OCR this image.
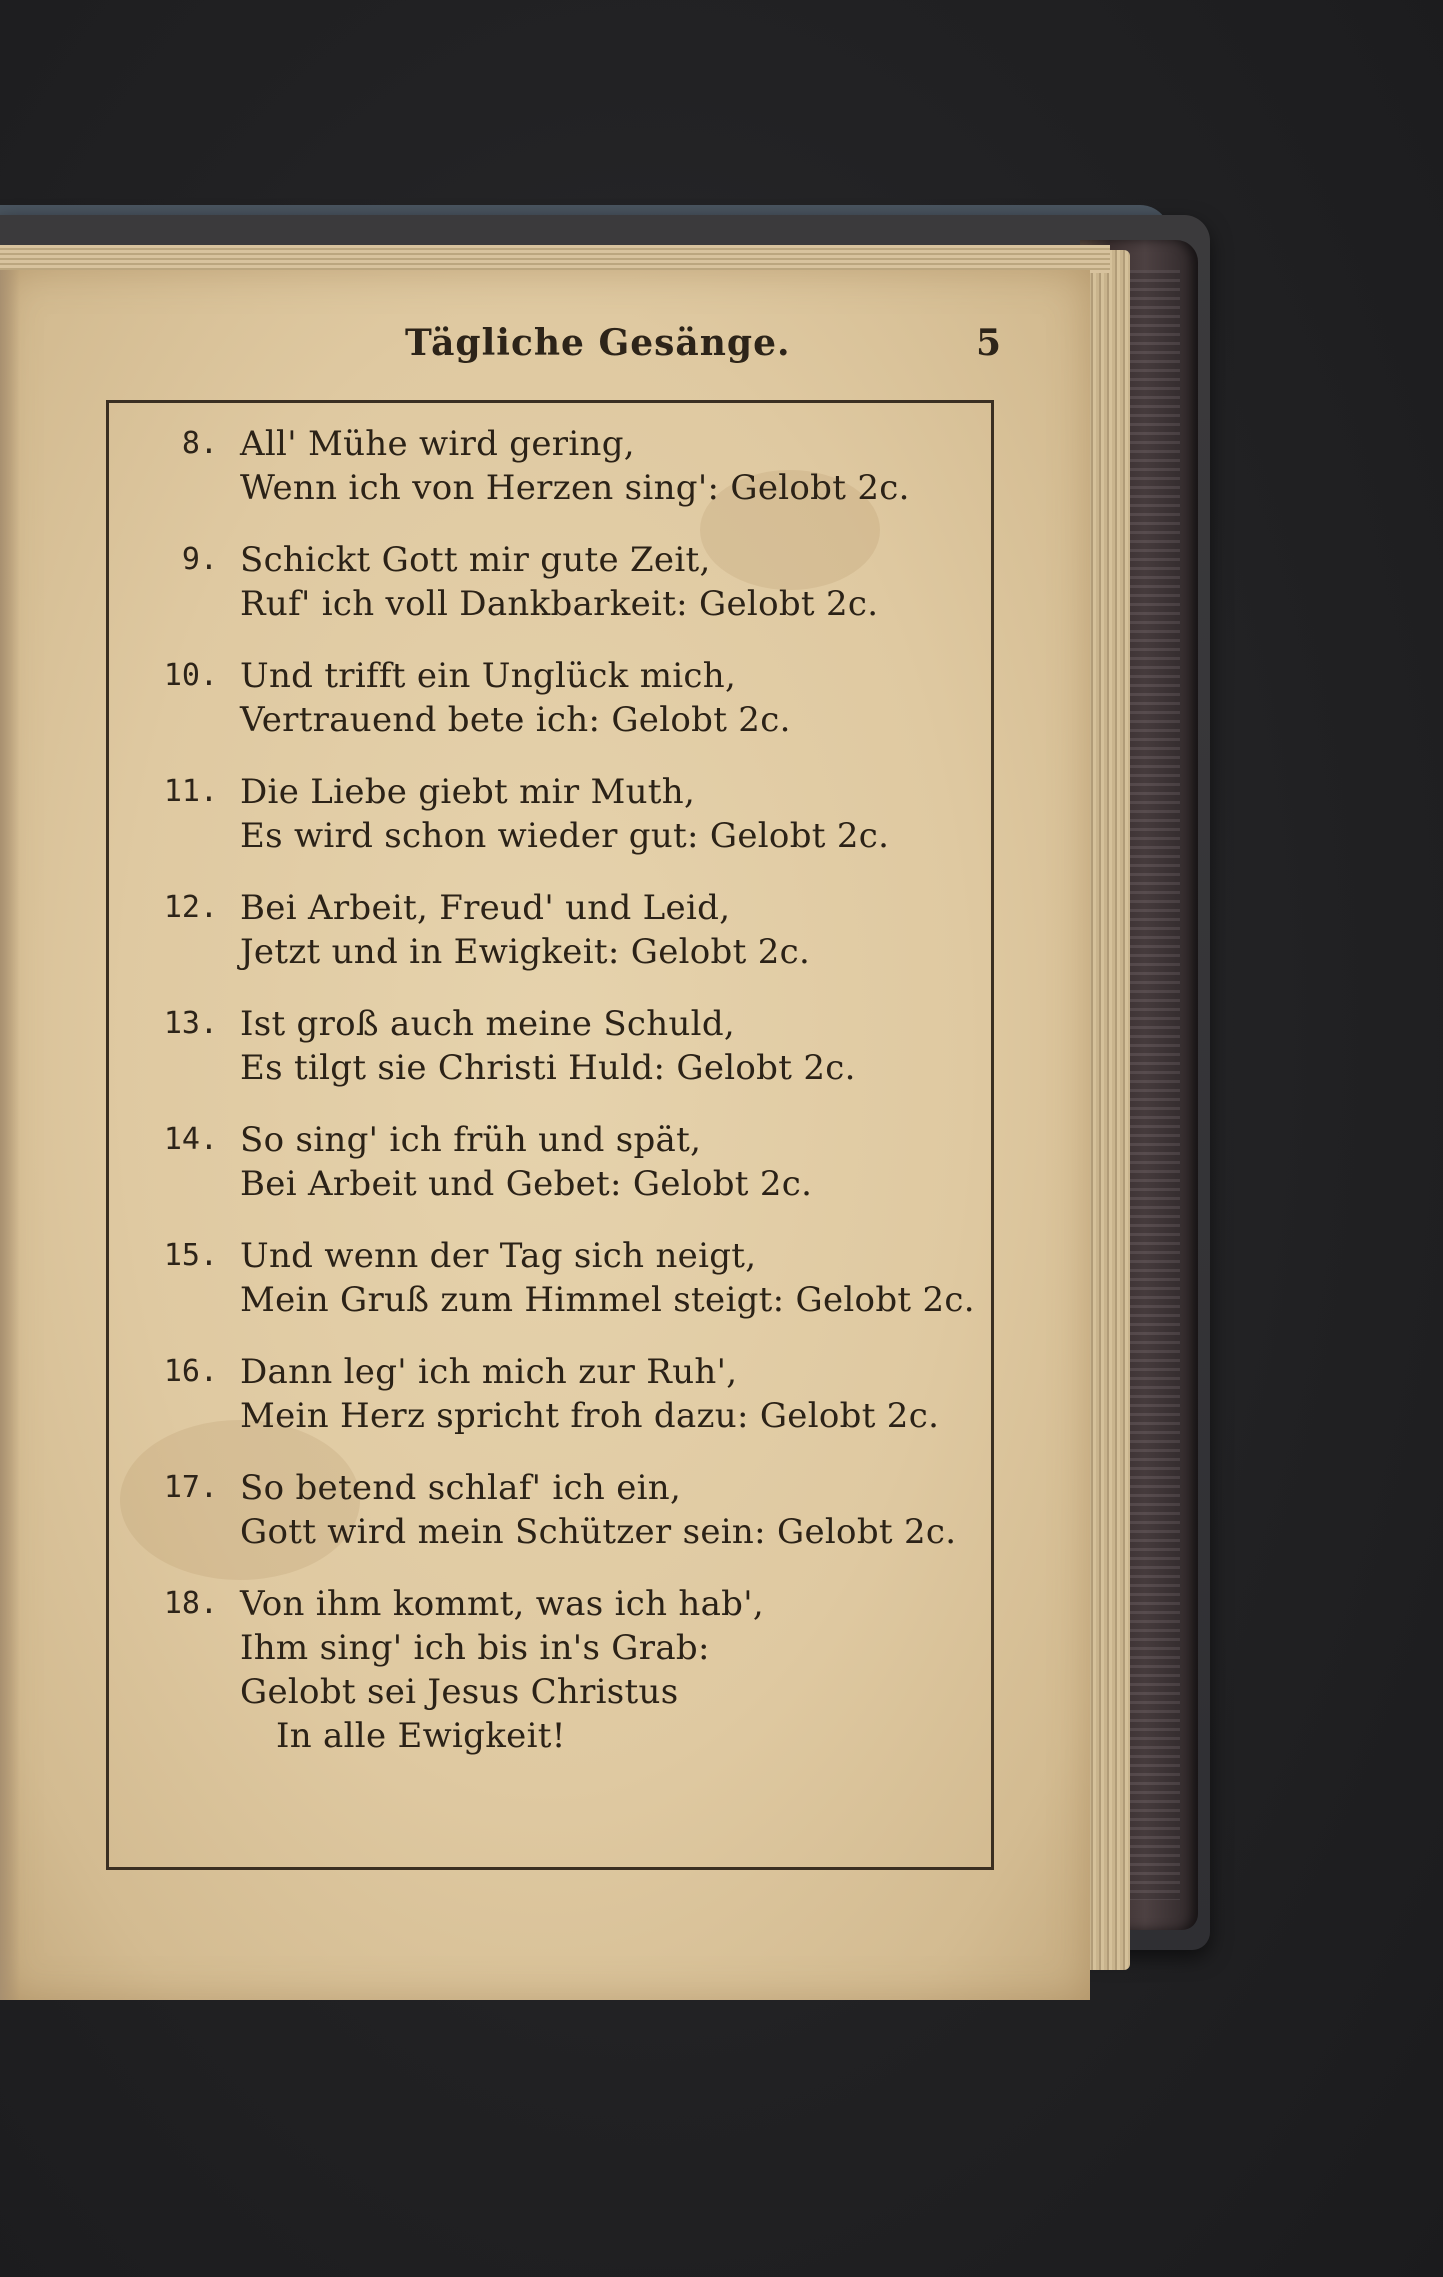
Tägliche Gesänge.	5
8. All' Mühe wird gering,
Wenn ich von Herzen sing': Gelobt 2c.
9. Schickt Gott mir gute Zeit,
Ruf' ich voll Dankbarkeit: Gelobt 2c.
10. Und trifft ein Unglück mich,
Vertrauend bete ich: Gelobt 2c.
11. Die Liebe giebt mir Muth,
Es wird schon wieder gut: Gelobt 2c.
12. Bei Arbeit, Freud' und Leid,
Jetzt und in Ewigkeit: Gelobt 2c.
13. Ist groß auch meine Schuld,
Es tilgt sie Christi Huld: Gelobt 2c.
14. So sing' ich früh und spät,
Bei Arbeit und Gebet: Gelobt 2c.
15. Und wenn der Tag sich neigt,
Mein Gruß zum Himmel steigt: Gelobt 2c.
16. Dann leg' ich mich zur Ruh',
Mein Herz spricht froh dazu: Gelobt 2c.
17. So betend schlaf' ich ein,
Gott wird mein Schützer sein: Gelobt 2c.
18. Von ihm kommt, was ich hab',
Ihm sing' ich bis in's Grab:
Gelobt sei Jesus Christus
In alle Ewigkeit!
